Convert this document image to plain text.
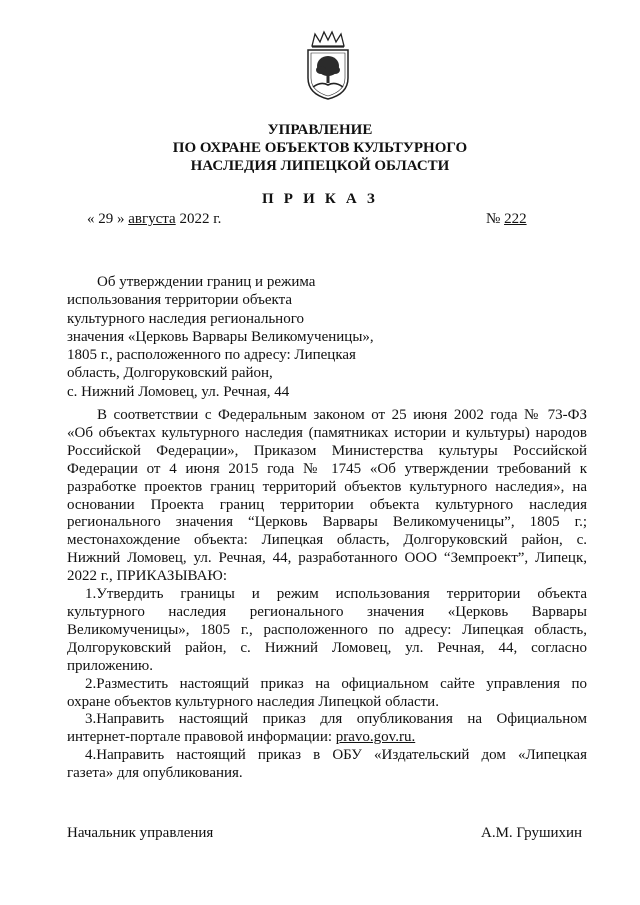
УПРАВЛЕНИЕ
ПО ОХРАНЕ ОБЪЕКТОВ КУЛЬТУРНОГО
НАСЛЕДИЯ ЛИПЕЦКОЙ ОБЛАСТИ
П Р И К А З
« 29 » августа 2022 г.	№ 222
Об утверждении границ и режима
использования территории объекта
культурного наследия регионального
значения «Церковь Варвары Великомученицы»,
1805 г., расположенного по адресу: Липецкая
область, Долгоруковский район,
с. Нижний Ломовец, ул. Речная, 44
В соответствии с Федеральным законом от 25 июня 2002 года № 73-ФЗ
«Об объектах культурного наследия (памятниках истории и культуры) народов
Российской Федерации», Приказом Министерства культуры Российской
Федерации от 4 июня 2015 года № 1745 «Об утверждении требований к
разработке проектов границ территорий объектов культурного наследия», на
основании Проекта границ территории объекта культурного наследия
регионального значения “Церковь Варвары Великомученицы”, 1805 г.;
местонахождение объекта: Липецкая область, Долгоруковский район, с.
Нижний Ломовец, ул. Речная, 44, разработанного ООО “Земпроект”, Липецк,
2022 г., ПРИКАЗЫВАЮ:
1.Утвердить границы и режим использования территории объекта
культурного наследия регионального значения «Церковь Варвары
Великомученицы», 1805 г., расположенного по адресу: Липецкая область,
Долгоруковский район, с. Нижний Ломовец, ул. Речная, 44, согласно
приложению.
2.Разместить настоящий приказ на официальном сайте управления по
охране объектов культурного наследия Липецкой области.
3.Направить настоящий приказ для опубликования на Официальном
интернет-портале правовой информации: pravo.gov.ru.
4.Направить настоящий приказ в ОБУ «Издательский дом «Липецкая
газета» для опубликования.
Начальник управления	А.М. Грушихин
